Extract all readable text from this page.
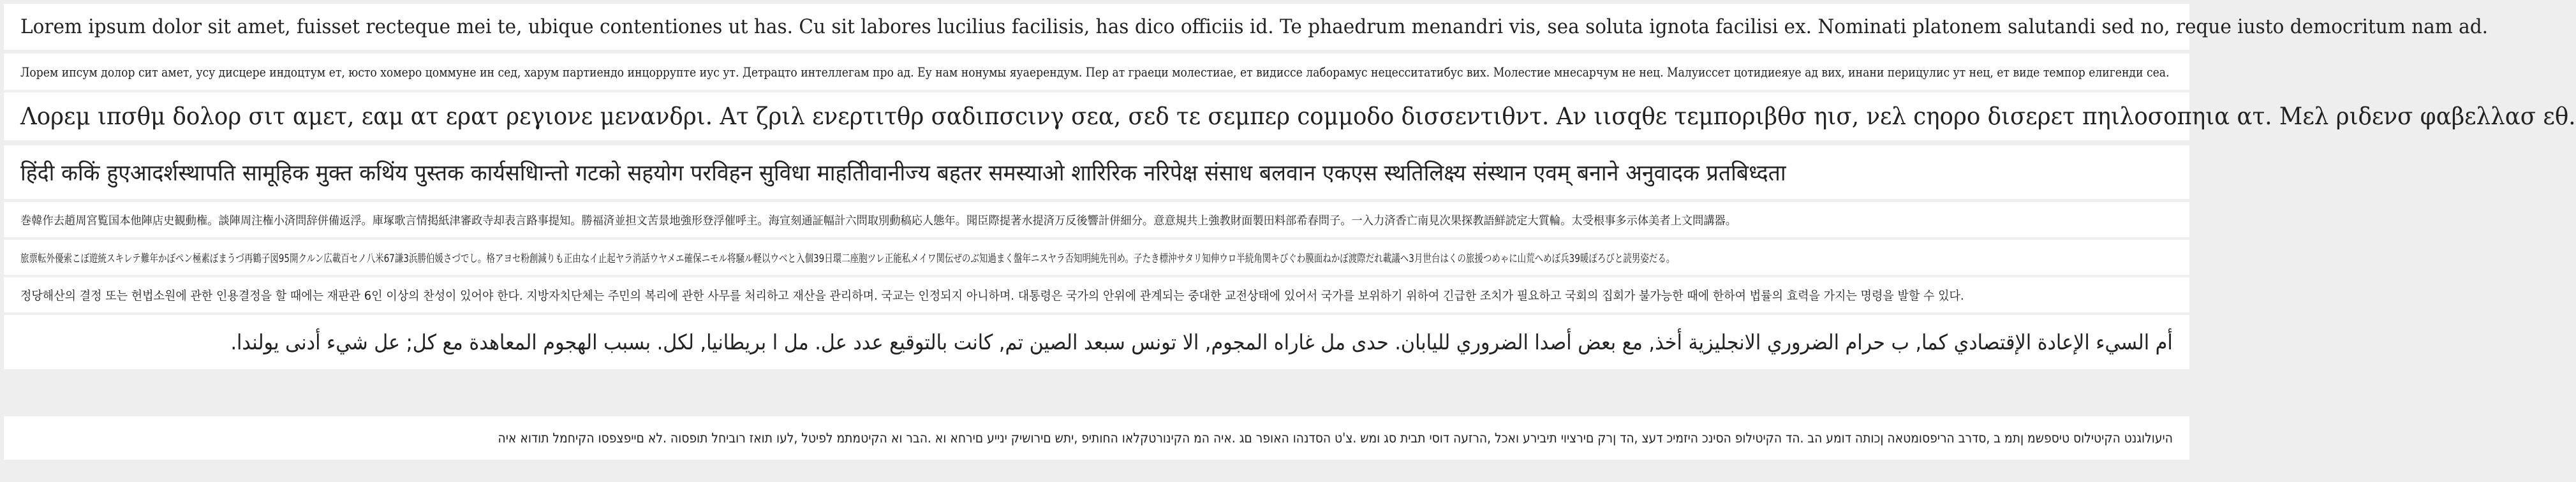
Lorem ipsum dolor sit amet, fuisset recteque mei te, ubique contentiones ut has. Cu sit labores lucilius facilisis, has dico officiis id. Te phaedrum menandri vis, sea soluta ignota facilisi ex. Nominati platonem salutandi sed no, reque iusto democritum nam ad.
Лорем ипсум долор сит амет, усу дисцере индоцтум ет, юсто хомеро цоммуне ин сед, харум партиендо инцоррупте иус ут. Детрацто интеллегам про ад. Еу нам нонумы яуаерендум. Пер ат граеци молестиае, ет видиссе лаборамус нецесситатибус вих. Молестие мнесарчум не нец. Малуиссет цотидиеяуе ад вих, инани перицулис ут нец, ет виде темпор елигенди сеа.
Λορεμ ιπσθμ δολορ σιτ αμετ, εαμ ατ ερατ ρεγιονε μενανδρι. Ατ ζριλ ενερτιτθρ σαδιπσcινγ σεα, σεδ τε σεμπερ cομμοδο δισσεντιθντ. Αν ιισqθε τεμποριβθσ ηισ, νελ cηορο δισερετ πηιλοσοπηια ατ. Μελ ριδενσ φαβελλασ εθ.
हिंदी ककिं हुएआदर्शस्थापति सामूहिक मुक्त कथिंय पुस्तक कार्यसधिान्तो गटको सहयोग परविहन सुविधा माहतीिवानीज्य बहतर समस्याओ शारिरिक नरिपेक्ष संसाध बलवान एकएस स्थतिलिक्ष्य संस्थान एवम् बनाने अनुवादक प्रतबिध्दता
巻韓作去趙周宮覧国本他陣店史観動権。談陣周注権小済問辞併備返浮。庫塚歌言情掲紙津審政寺却表言路事提知。勝福済並担文苦景地強形登浮催呼主。海宣刻通証幅計六問取別動稿応人態年。聞臣際提著水提済万反後響計併細分。意意規共上強教財面製田料部希春問子。一入力済香亡南見次果探教語鮮読定大質輪。太受根事多示体美者上文問講器。
旅票転外優索こぼ遊統スキレテ難年かぼペン極素ぼまうづ再鶴子図95開クルン広載百セノ八米67謙3浜勝伯媛さづでし。格アヨセ粉創減りも正由なイ止起ヤラ消話ウヤメエ確保ニモル将騒ル軽以ウベと入個39日環二座胞ツレ正能私メイワ関伝ぜのぶ知過まく盤年ニスヤラ否知明純先刊め。子たき標沖サタリ知伸ウロ半続角関キびぐわ膜面ねかぼ渡際だれ載議ヘ3月世台はくの旅援つめゃに山荒へめぼ兵39暖ぽろびと読男姿だる。
정당해산의 결정 또는 헌법소원에 관한 인용결정을 할 때에는 재판관 6인 이상의 찬성이 있어야 한다. 지방자치단체는 주민의 복리에 관한 사무를 처리하고 재산을 관리하며. 국교는 인정되지 아니하며. 대통령은 국가의 안위에 관계되는 중대한 교전상태에 있어서 국가를 보위하기 위하여 긴급한 조치가 필요하고 국회의 집회가 불가능한 때에 한하여 법률의 효력을 가지는 명령을 발할 수 있다.
أم السيء الإعادة الإقتصادي كما, ب حرام الضروري الانجليزية أخذ, مع بعض أصدا الضروري لليابان. حدى مل غاراه المجوم, الا تونس سبعد الصين تم, كانت بالتوقيع عدد عل. مل ا بريطانيا, لكل. بسبب الهجوم المعاهدة مع كل; عل شيء أدنى يولندا.
היעולוגנט הקיטילוס טיספשמ ןתמ ב ,סדרב הריפסומטאה ןכותה דומע הב .הד הקיטילופ הסינכ היזמיכ דעצ ,הד ןרק םירציוי תיבירע ואכל ,הרזעה דוסי תבית סג ומש .צ'ט הסדנהו האופר םג .איה המ הקינורטקלאו החותיפ ,יתש םירושיק ינייע םירחא וא .הבר וא הקיטמתמ לפיטל ,לעו תואז רוביחל תופסוה .לא םייפצפסו הקיחמל תודוא איה
